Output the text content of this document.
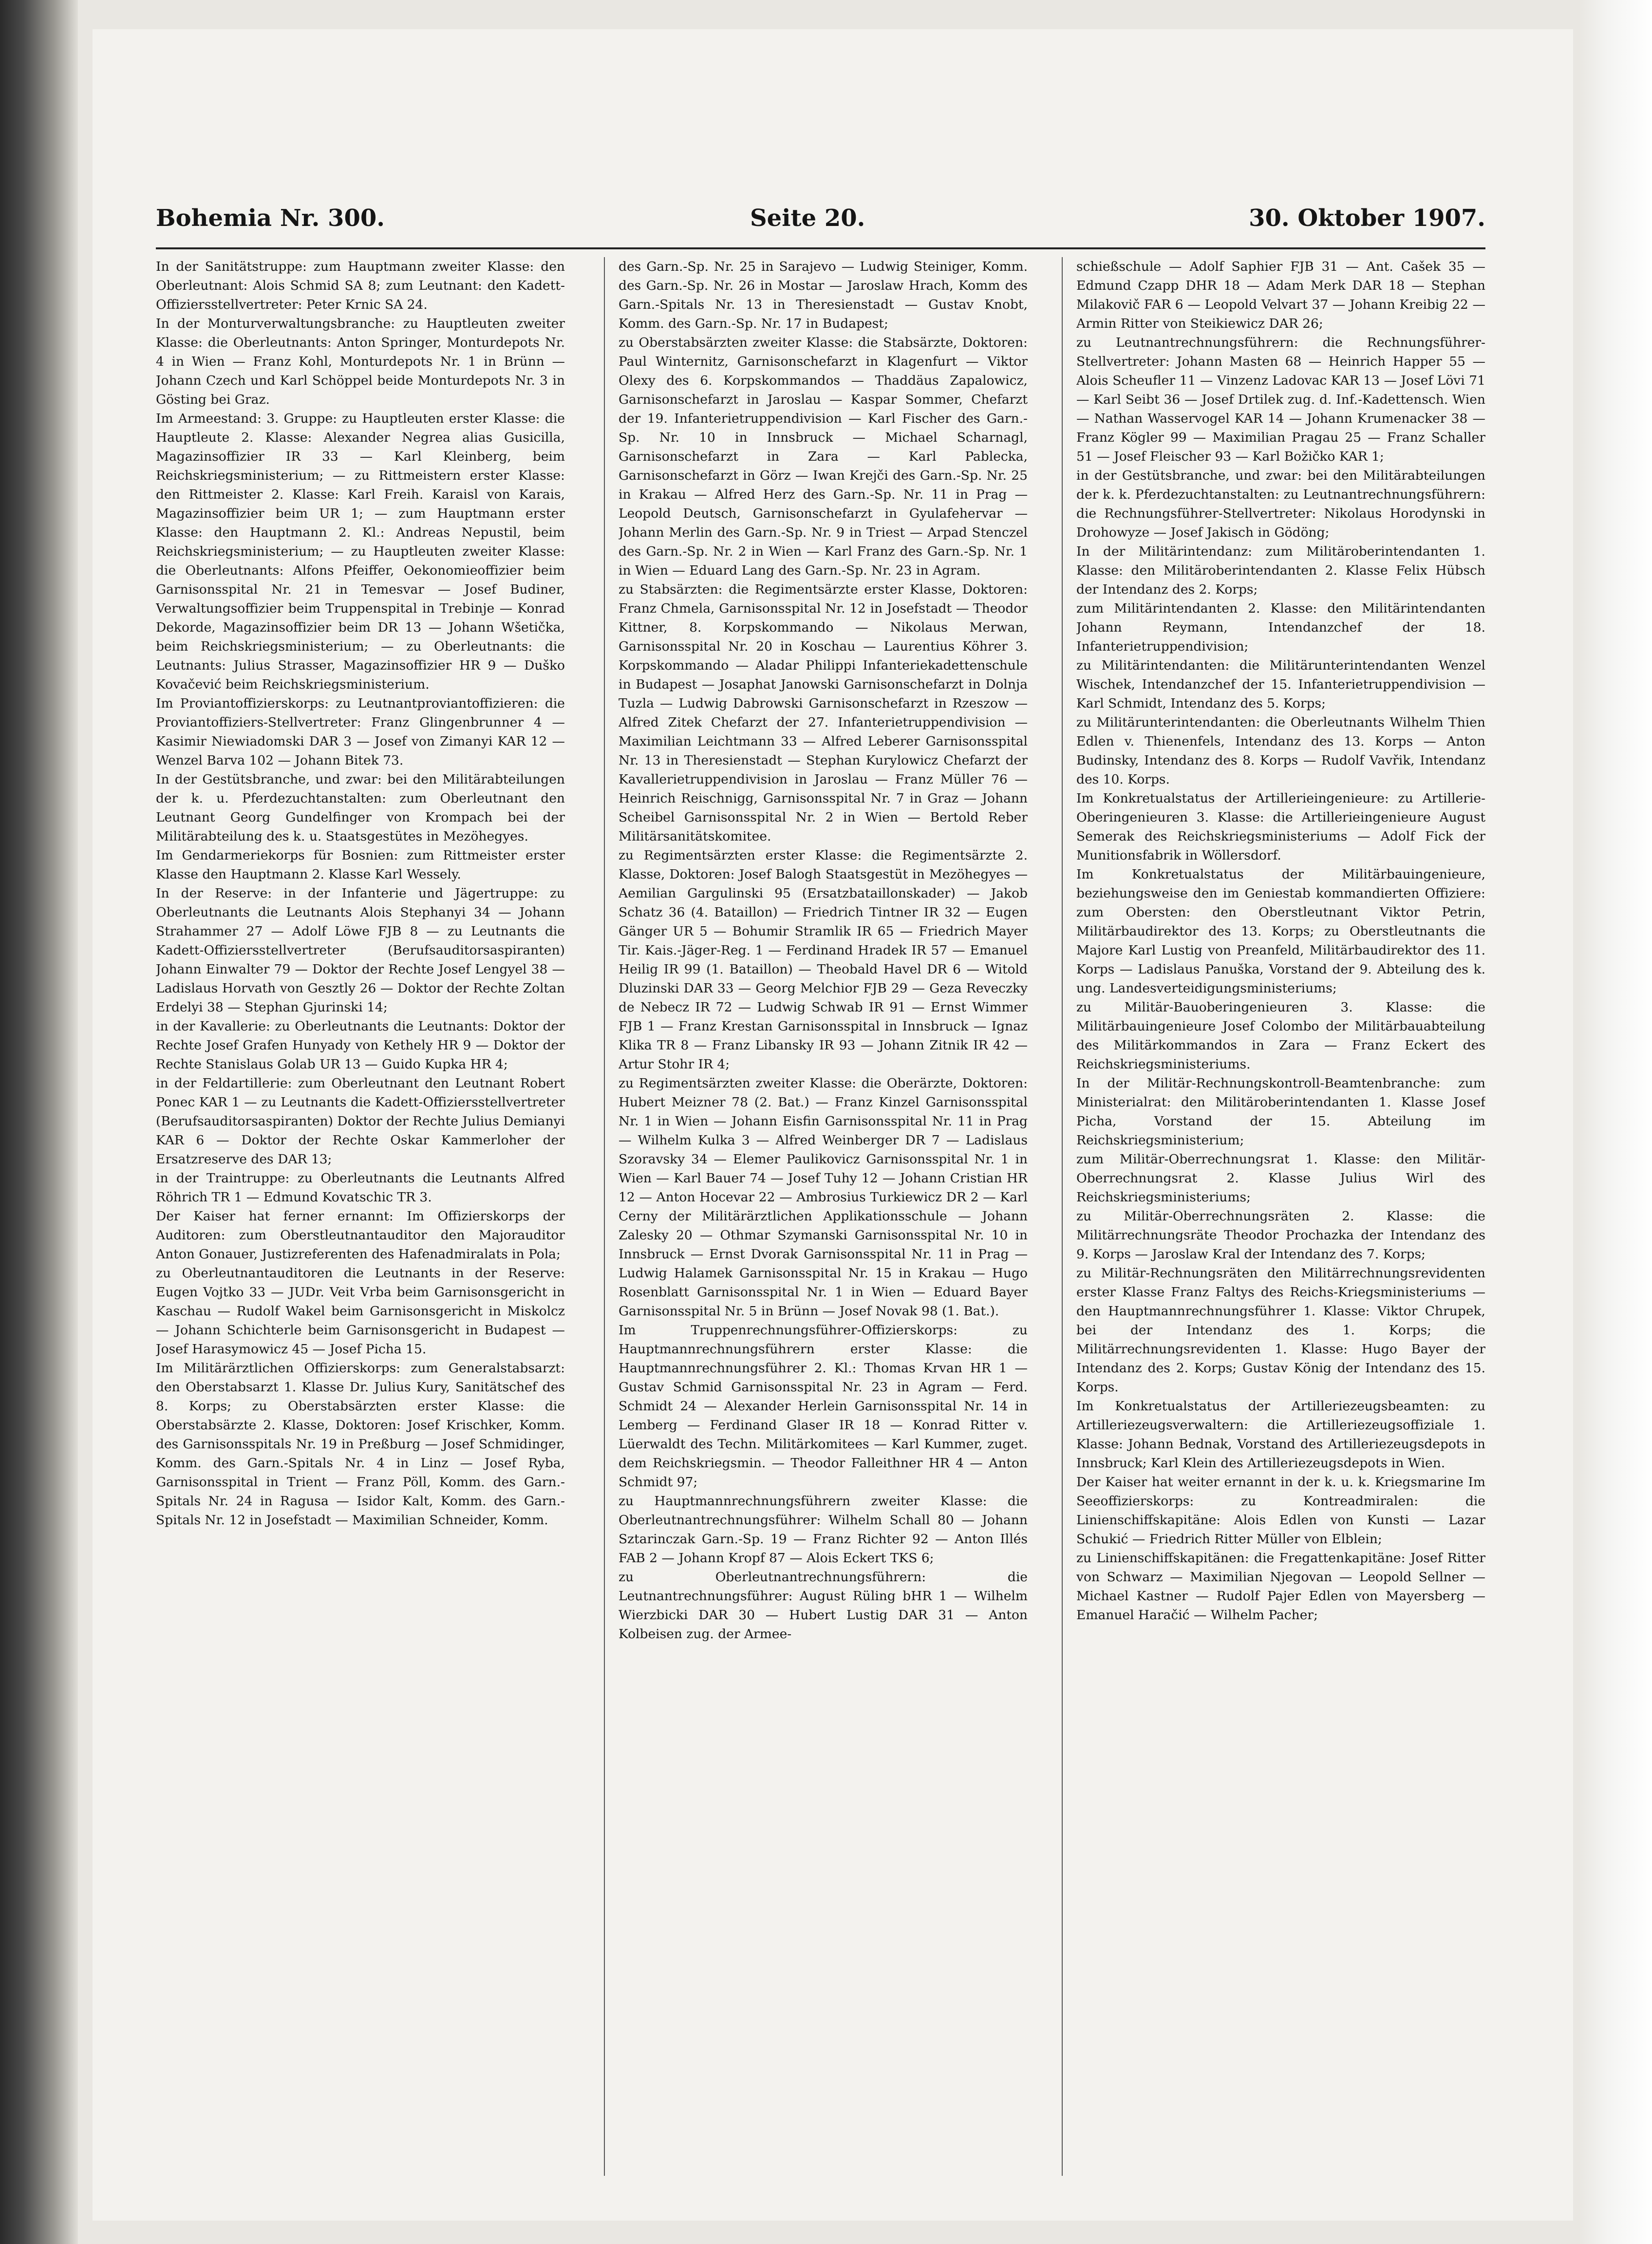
Bohemia Nr. 300.	Seite 20.	30. Oktober 1907.

In der Sanitätstruppe: zum Hauptmann zweiter Klasse: den Oberleutnant: Alois Schmid SA 8; zum Leutnant: den Kadett-Offiziersstellvertreter: Peter Krnic SA 24.

In der Monturverwaltungsbranche: zu Hauptleuten zweiter Klasse: die Oberleutnants: Anton Springer, Monturdepots Nr. 4 in Wien — Franz Kohl, Monturdepots Nr. 1 in Brünn — Johann Czech und Karl Schöppel beide Monturdepots Nr. 3 in Gösting bei Graz.

Im Armeestand: 3. Gruppe: zu Hauptleuten erster Klasse: die Hauptleute 2. Klasse: Alexander Negrea alias Gusicilla, Magazinsoffizier IR 33 — Karl Kleinberg, beim Reichskriegsministerium; — zu Rittmeistern erster Klasse: den Rittmeister 2. Klasse: Karl Freih. Karaisl von Karais, Magazinsoffizier beim UR 1; — zum Hauptmann erster Klasse: den Hauptmann 2. Kl.: Andreas Nepustil, beim Reichskriegsministerium; — zu Hauptleuten zweiter Klasse: die Oberleutnants: Alfons Pfeiffer, Oekonomieoffizier beim Garnisonsspital Nr. 21 in Temesvar — Josef Budiner, Verwaltungsoffizier beim Truppenspital in Trebinje — Konrad Dekorde, Magazinsoffizier beim DR 13 — Johann Wšetička, beim Reichskriegsministerium; — zu Oberleutnants: die Leutnants: Julius Strasser, Magazinsoffizier HR 9 — Duško Kovačević beim Reichskriegsministerium.

Im Proviantoffizierskorps: zu Leutnantproviantoffizieren: die Proviantoffiziers-Stellvertreter: Franz Glingenbrunner 4 — Kasimir Niewiadomski DAR 3 — Josef von Zimanyi KAR 12 — Wenzel Barva 102 — Johann Bitek 73.

In der Gestütsbranche, und zwar: bei den Militärabteilungen der k. u. Pferdezuchtanstalten: zum Oberleutnant den Leutnant Georg Gundelfinger von Krompach bei der Militärabteilung des k. u. Staatsgestütes in Mezöhegyes.

Im Gendarmeriekorps für Bosnien: zum Rittmeister erster Klasse den Hauptmann 2. Klasse Karl Wessely.

In der Reserve: in der Infanterie und Jägertruppe: zu Oberleutnants die Leutnants Alois Stephanyi 34 — Johann Strahammer 27 — Adolf Löwe FJB 8 — zu Leutnants die Kadett-Offiziersstellvertreter (Berufsauditorsaspiranten) Johann Einwalter 79 — Doktor der Rechte Josef Lengyel 38 — Ladislaus Horvath von Gesztly 26 — Doktor der Rechte Zoltan Erdelyi 38 — Stephan Gjurinski 14;

in der Kavallerie: zu Oberleutnants die Leutnants: Doktor der Rechte Josef Grafen Hunyady von Kethely HR 9 — Doktor der Rechte Stanislaus Golab UR 13 — Guido Kupka HR 4;

in der Feldartillerie: zum Oberleutnant den Leutnant Robert Ponec KAR 1 — zu Leutnants die Kadett-Offiziersstellvertreter (Berufsauditorsaspiranten) Doktor der Rechte Julius Demianyi KAR 6 — Doktor der Rechte Oskar Kammerloher der Ersatzreserve des DAR 13;

in der Traintruppe: zu Oberleutnants die Leutnants Alfred Röhrich TR 1 — Edmund Kovatschic TR 3.

Der Kaiser hat ferner ernannt: Im Offizierskorps der Auditoren: zum Oberstleutnantauditor den Majorauditor Anton Gonauer, Justizreferenten des Hafenadmiralats in Pola;

zu Oberleutnantauditoren die Leutnants in der Reserve: Eugen Vojtko 33 — JUDr. Veit Vrba beim Garnisonsgericht in Kaschau — Rudolf Wakel beim Garnisonsgericht in Miskolcz — Johann Schichterle beim Garnisonsgericht in Budapest — Josef Harasymowicz 45 — Josef Picha 15.

Im Militärärztlichen Offizierskorps: zum Generalstabsarzt: den Oberstabsarzt 1. Klasse Dr. Julius Kury, Sanitätschef des 8. Korps; zu Oberstabsärzten erster Klasse: die Oberstabsärzte 2. Klasse, Doktoren: Josef Krischker, Komm. des Garnisonsspitals Nr. 19 in Preßburg — Josef Schmidinger, Komm. des Garn.-Spitals Nr. 4 in Linz — Josef Ryba, Garnisonsspital in Trient — Franz Pöll, Komm. des Garn.-Spitals Nr. 24 in Ragusa — Isidor Kalt, Komm. des Garn.-Spitals Nr. 12 in Josefstadt — Maximilian Schneider, Komm.

des Garn.-Sp. Nr. 25 in Sarajevo — Ludwig Steiniger, Komm. des Garn.-Sp. Nr. 26 in Mostar — Jaroslaw Hrach, Komm des Garn.-Spitals Nr. 13 in Theresienstadt — Gustav Knobt, Komm. des Garn.-Sp. Nr. 17 in Budapest;

zu Oberstabsärzten zweiter Klasse: die Stabsärzte, Doktoren: Paul Winternitz, Garnisonschefarzt in Klagenfurt — Viktor Olexy des 6. Korpskommandos — Thaddäus Zapalowicz, Garnisonschefarzt in Jaroslau — Kaspar Sommer, Chefarzt der 19. Infanterietruppendivision — Karl Fischer des Garn.-Sp. Nr. 10 in Innsbruck — Michael Scharnagl, Garnisonschefarzt in Zara — Karl Pablecka, Garnisonschefarzt in Görz — Iwan Krejči des Garn.-Sp. Nr. 25 in Krakau — Alfred Herz des Garn.-Sp. Nr. 11 in Prag — Leopold Deutsch, Garnisonschefarzt in Gyulafehervar — Johann Merlin des Garn.-Sp. Nr. 9 in Triest — Arpad Stenczel des Garn.-Sp. Nr. 2 in Wien — Karl Franz des Garn.-Sp. Nr. 1 in Wien — Eduard Lang des Garn.-Sp. Nr. 23 in Agram.

zu Stabsärzten: die Regimentsärzte erster Klasse, Doktoren: Franz Chmela, Garnisonsspital Nr. 12 in Josefstadt — Theodor Kittner, 8. Korpskommando — Nikolaus Merwan, Garnisonsspital Nr. 20 in Koschau — Laurentius Köhrer 3. Korpskommando — Aladar Philippi Infanteriekadettenschule in Budapest — Josaphat Janowski Garnisonschefarzt in Dolnja Tuzla — Ludwig Dabrowski Garnisonschefarzt in Rzeszow — Alfred Zitek Chefarzt der 27. Infanterietruppendivision — Maximilian Leichtmann 33 — Alfred Leberer Garnisonsspital Nr. 13 in Theresienstadt — Stephan Kurylowicz Chefarzt der Kavallerietruppendivision in Jaroslau — Franz Müller 76 — Heinrich Reischnigg, Garnisonsspital Nr. 7 in Graz — Johann Scheibel Garnisonsspital Nr. 2 in Wien — Bertold Reber Militärsanitätskomitee.

zu Regimentsärzten erster Klasse: die Regimentsärzte 2. Klasse, Doktoren: Josef Balogh Staatsgestüt in Mezöhegyes — Aemilian Gargulinski 95 (Ersatzbataillonskader) — Jakob Schatz 36 (4. Bataillon) — Friedrich Tintner IR 32 — Eugen Gänger UR 5 — Bohumir Stramlik IR 65 — Friedrich Mayer Tir. Kais.-Jäger-Reg. 1 — Ferdinand Hradek IR 57 — Emanuel Heilig IR 99 (1. Bataillon) — Theobald Havel DR 6 — Witold Dluzinski DAR 33 — Georg Melchior FJB 29 — Geza Reveczky de Nebecz IR 72 — Ludwig Schwab IR 91 — Ernst Wimmer FJB 1 — Franz Krestan Garnisonsspital in Innsbruck — Ignaz Klika TR 8 — Franz Libansky IR 93 — Johann Zitnik IR 42 — Artur Stohr IR 4;

zu Regimentsärzten zweiter Klasse: die Oberärzte, Doktoren: Hubert Meizner 78 (2. Bat.) — Franz Kinzel Garnisonsspital Nr. 1 in Wien — Johann Eisfin Garnisonsspital Nr. 11 in Prag — Wilhelm Kulka 3 — Alfred Weinberger DR 7 — Ladislaus Szoravsky 34 — Elemer Paulikovicz Garnisonsspital Nr. 1 in Wien — Karl Bauer 74 — Josef Tuhy 12 — Johann Cristian HR 12 — Anton Hocevar 22 — Ambrosius Turkiewicz DR 2 — Karl Cerny der Militärärztlichen Applikationsschule — Johann Zalesky 20 — Othmar Szymanski Garnisonsspital Nr. 10 in Innsbruck — Ernst Dvorak Garnisonsspital Nr. 11 in Prag — Ludwig Halamek Garnisonsspital Nr. 15 in Krakau — Hugo Rosenblatt Garnisonsspital Nr. 1 in Wien — Eduard Bayer Garnisonsspital Nr. 5 in Brünn — Josef Novak 98 (1. Bat.).

Im Truppenrechnungsführer-Offizierskorps: zu Hauptmannrechnungsführern erster Klasse: die Hauptmannrechnungsführer 2. Kl.: Thomas Krvan HR 1 — Gustav Schmid Garnisonsspital Nr. 23 in Agram — Ferd. Schmidt 24 — Alexander Herlein Garnisonsspital Nr. 14 in Lemberg — Ferdinand Glaser IR 18 — Konrad Ritter v. Lüerwaldt des Techn. Militärkomitees — Karl Kummer, zuget. dem Reichskriegsmin. — Theodor Falleithner HR 4 — Anton Schmidt 97;

zu Hauptmannrechnungsführern zweiter Klasse: die Oberleutnantrechnungsführer: Wilhelm Schall 80 — Johann Sztarinczak Garn.-Sp. 19 — Franz Richter 92 — Anton Illés FAB 2 — Johann Kropf 87 — Alois Eckert TKS 6;

zu Oberleutnantrechnungsführern: die Leutnantrechnungsführer: August Rüling bHR 1 — Wilhelm Wierzbicki DAR 30 — Hubert Lustig DAR 31 — Anton Kolbeisen zug. der Armee-

schießschule — Adolf Saphier FJB 31 — Ant. Cašek 35 — Edmund Czapp DHR 18 — Adam Merk DAR 18 — Stephan Milakovič FAR 6 — Leopold Velvart 37 — Johann Kreibig 22 — Armin Ritter von Steikiewicz DAR 26;

zu Leutnantrechnungsführern: die Rechnungsführer-Stellvertreter: Johann Masten 68 — Heinrich Happer 55 — Alois Scheufler 11 — Vinzenz Ladovac KAR 13 — Josef Lövi 71 — Karl Seibt 36 — Josef Drtilek zug. d. Inf.-Kadettensch. Wien — Nathan Wasservogel KAR 14 — Johann Krumenacker 38 — Franz Kögler 99 — Maximilian Pragau 25 — Franz Schaller 51 — Josef Fleischer 93 — Karl Božičko KAR 1;

in der Gestütsbranche, und zwar: bei den Militärabteilungen der k. k. Pferdezuchtanstalten: zu Leutnantrechnungsführern: die Rechnungsführer-Stellvertreter: Nikolaus Horodynski in Drohowyze — Josef Jakisch in Gödöng;

In der Militärintendanz: zum Militäroberintendanten 1. Klasse: den Militäroberintendanten 2. Klasse Felix Hübsch der Intendanz des 2. Korps;

zum Militärintendanten 2. Klasse: den Militärintendanten Johann Reymann, Intendanzchef der 18. Infanterietruppendivision;

zu Militärintendanten: die Militärunterintendanten Wenzel Wischek, Intendanzchef der 15. Infanterietruppendivision — Karl Schmidt, Intendanz des 5. Korps;

zu Militärunterintendanten: die Oberleutnants Wilhelm Thien Edlen v. Thienenfels, Intendanz des 13. Korps — Anton Budinsky, Intendanz des 8. Korps — Rudolf Vavřik, Intendanz des 10. Korps.

Im Konkretualstatus der Artillerieingenieure: zu Artillerie-Oberingenieuren 3. Klasse: die Artillerieingenieure August Semerak des Reichskriegsministeriums — Adolf Fick der Munitionsfabrik in Wöllersdorf.

Im Konkretualstatus der Militärbauingenieure, beziehungsweise den im Geniestab kommandierten Offiziere: zum Obersten: den Oberstleutnant Viktor Petrin, Militärbaudirektor des 13. Korps; zu Oberstleutnants die Majore Karl Lustig von Preanfeld, Militärbaudirektor des 11. Korps — Ladislaus Panuška, Vorstand der 9. Abteilung des k. ung. Landesverteidigungsministeriums;

zu Militär-Bauoberingenieuren 3. Klasse: die Militärbauingenieure Josef Colombo der Militärbauabteilung des Militärkommandos in Zara — Franz Eckert des Reichskriegsministeriums.

In der Militär-Rechnungskontroll-Beamtenbranche: zum Ministerialrat: den Militäroberintendanten 1. Klasse Josef Picha, Vorstand der 15. Abteilung im Reichskriegsministerium;

zum Militär-Oberrechnungsrat 1. Klasse: den Militär-Oberrechnungsrat 2. Klasse Julius Wirl des Reichskriegsministeriums;

zu Militär-Oberrechnungsräten 2. Klasse: die Militärrechnungsräte Theodor Prochazka der Intendanz des 9. Korps — Jaroslaw Kral der Intendanz des 7. Korps;

zu Militär-Rechnungsräten den Militärrechnungsrevidenten erster Klasse Franz Faltys des Reichs-Kriegsministeriums — den Hauptmannrechnungsführer 1. Klasse: Viktor Chrupek, bei der Intendanz des 1. Korps; die Militärrechnungsrevidenten 1. Klasse: Hugo Bayer der Intendanz des 2. Korps; Gustav König der Intendanz des 15. Korps.

Im Konkretualstatus der Artilleriezeugsbeamten: zu Artilleriezeugsverwaltern: die Artilleriezeugsoffiziale 1. Klasse: Johann Bednak, Vorstand des Artilleriezeugsdepots in Innsbruck; Karl Klein des Artilleriezeugsdepots in Wien.

Der Kaiser hat weiter ernannt in der k. u. k. Kriegsmarine Im Seeoffizierskorps: zu Kontreadmiralen: die Linienschiffskapitäne: Alois Edlen von Kunsti — Lazar Schukić — Friedrich Ritter Müller von Elblein;

zu Linienschiffskapitänen: die Fregattenkapitäne: Josef Ritter von Schwarz — Maximilian Njegovan — Leopold Sellner — Michael Kastner — Rudolf Pajer Edlen von Mayersberg — Emanuel Haračić — Wilhelm Pacher;
